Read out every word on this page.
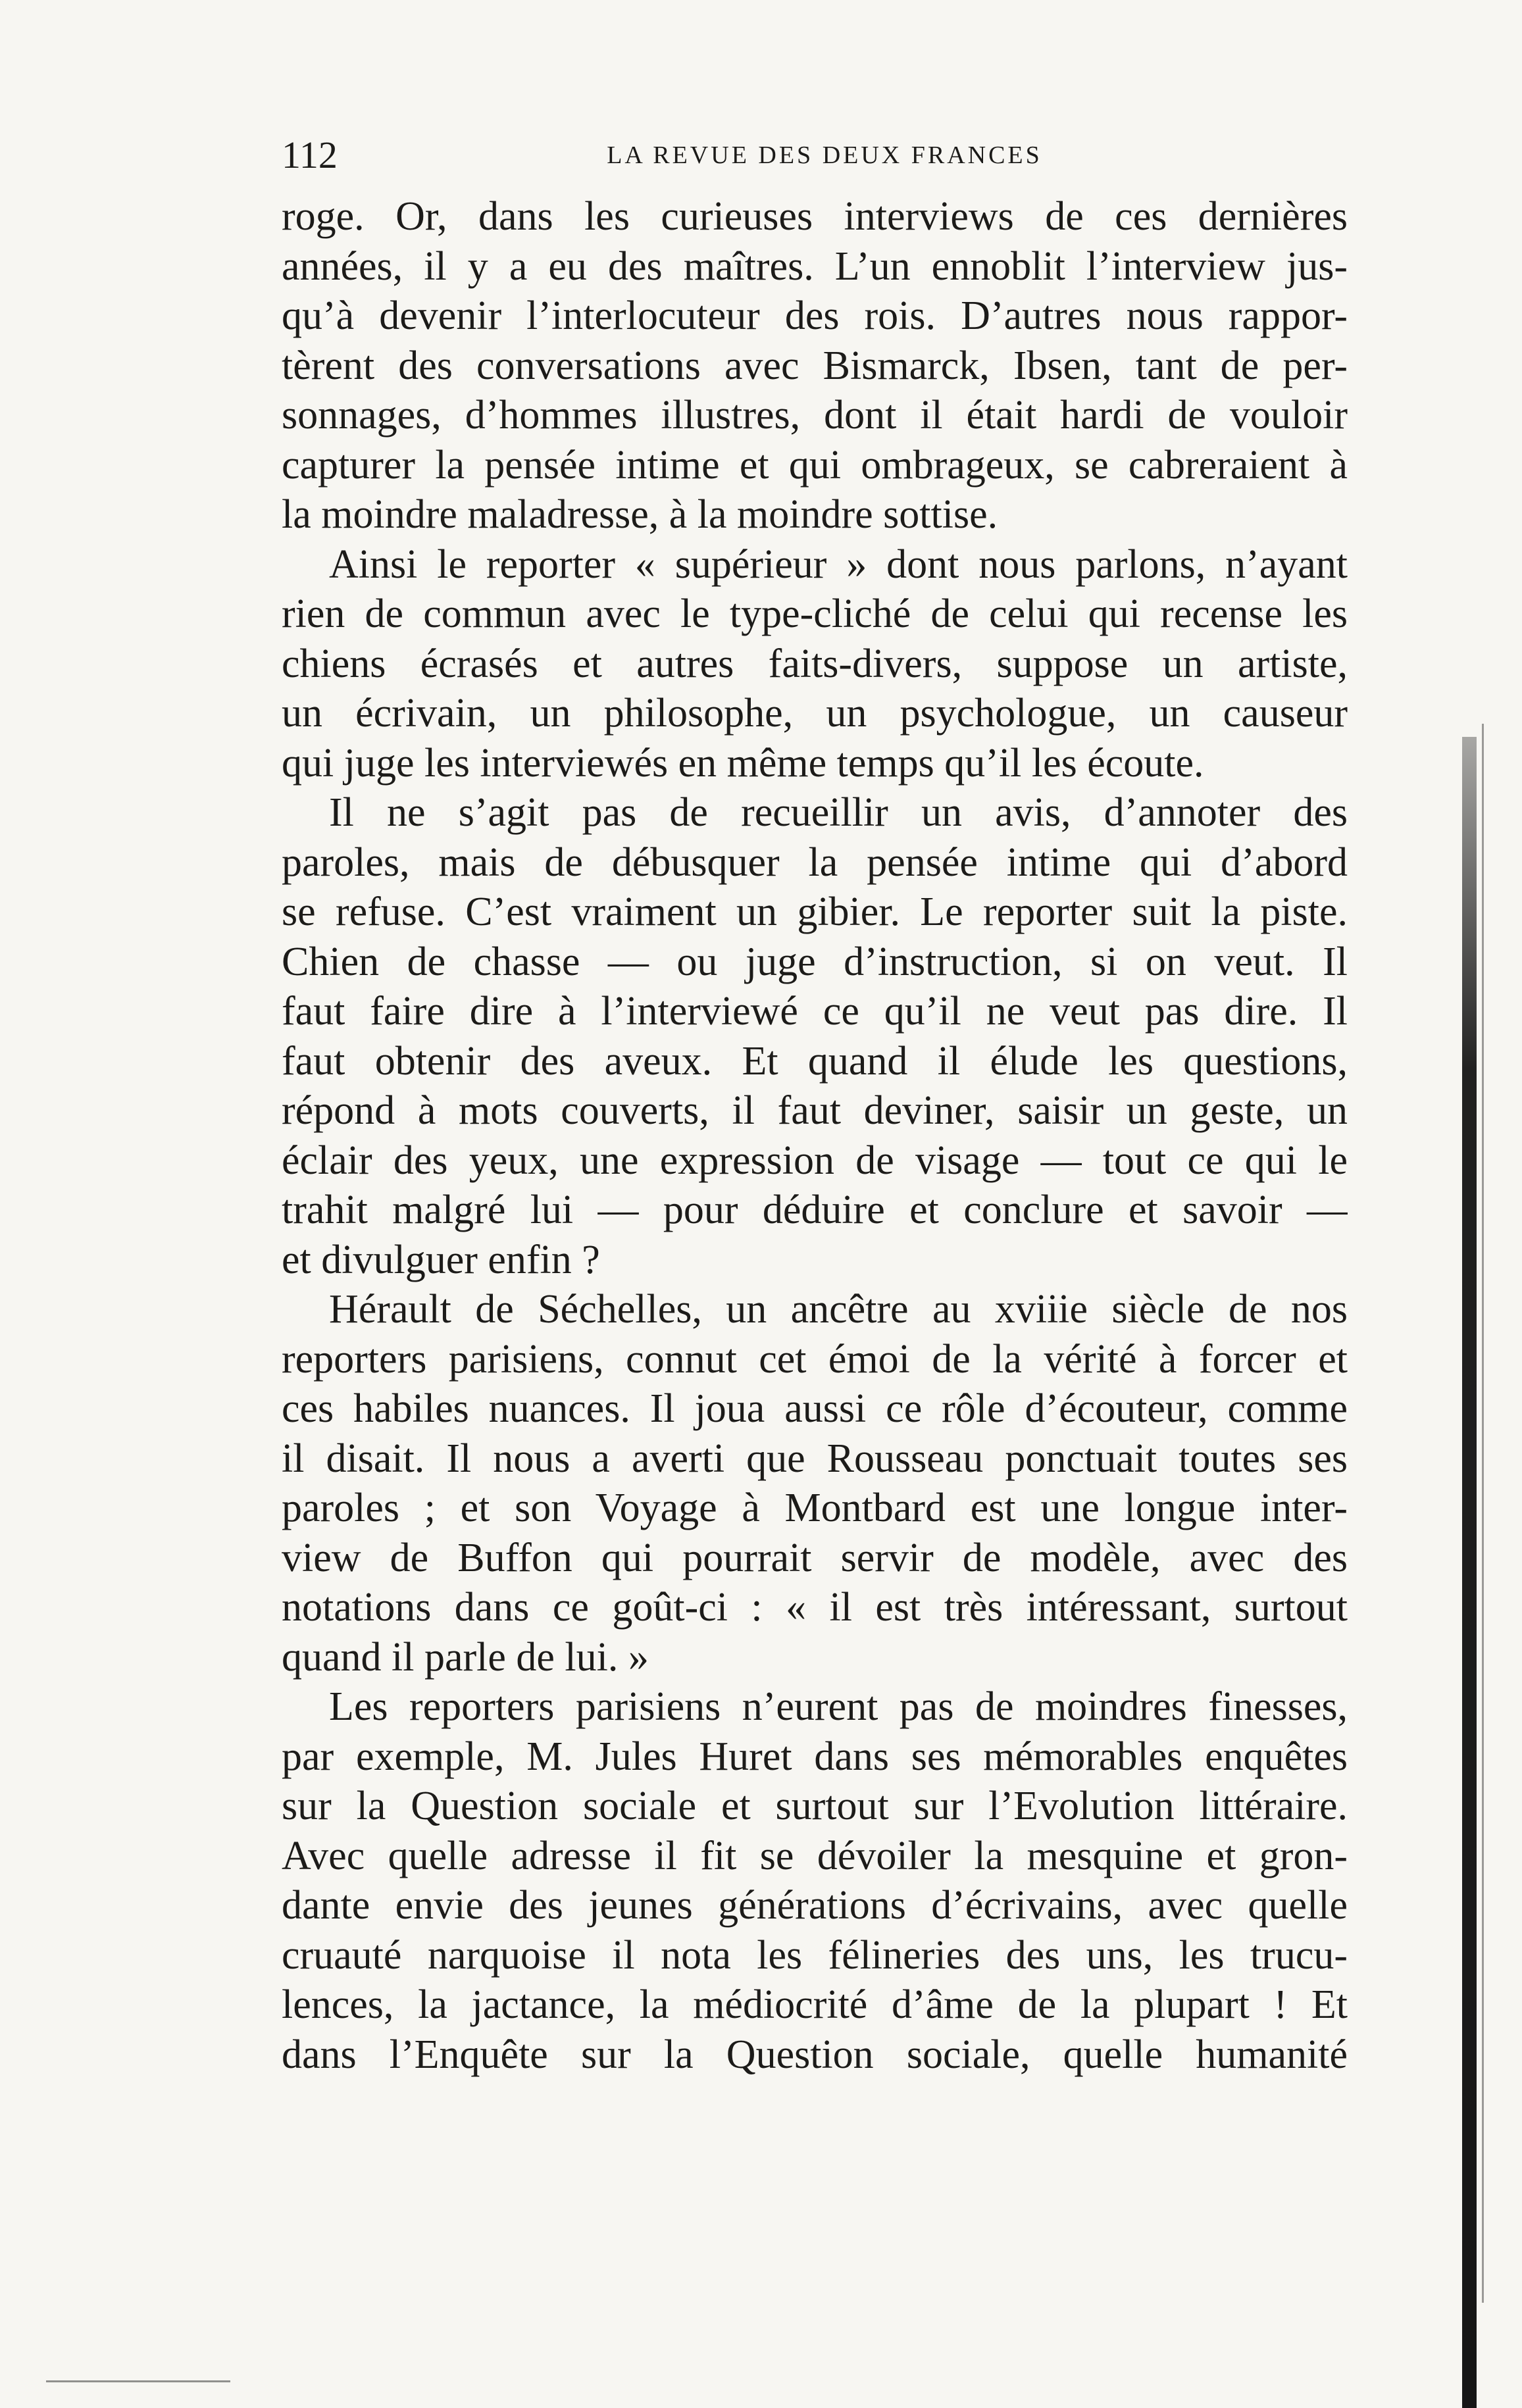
112	LA REVUE DES DEUX FRANCES
roge. Or, dans les curieuses interviews de ces dernières
années, il y a eu des maîtres. L’un ennoblit l’interview jus-
qu’à devenir l’interlocuteur des rois. D’autres nous rappor-
tèrent des conversations avec Bismarck, Ibsen, tant de per-
sonnages, d’hommes illustres, dont il était hardi de vouloir
capturer la pensée intime et qui ombrageux, se cabreraient à
la moindre maladresse, à la moindre sottise.
Ainsi le reporter « supérieur » dont nous parlons, n’ayant
rien de commun avec le type-cliché de celui qui recense les
chiens écrasés et autres faits-divers, suppose un artiste,
un écrivain, un philosophe, un psychologue, un causeur
qui juge les interviewés en même temps qu’il les écoute.
Il ne s’agit pas de recueillir un avis, d’annoter des
paroles, mais de débusquer la pensée intime qui d’abord
se refuse. C’est vraiment un gibier. Le reporter suit la piste.
Chien de chasse — ou juge d’instruction, si on veut. Il
faut faire dire à l’interviewé ce qu’il ne veut pas dire. Il
faut obtenir des aveux. Et quand il élude les questions,
répond à mots couverts, il faut deviner, saisir un geste, un
éclair des yeux, une expression de visage — tout ce qui le
trahit malgré lui — pour déduire et conclure et savoir —
et divulguer enfin ?
Hérault de Séchelles, un ancêtre au xviiie siècle de nos
reporters parisiens, connut cet émoi de la vérité à forcer et
ces habiles nuances. Il joua aussi ce rôle d’écouteur, comme
il disait. Il nous a averti que Rousseau ponctuait toutes ses
paroles ; et son Voyage à Montbard est une longue inter-
view de Buffon qui pourrait servir de modèle, avec des
notations dans ce goût-ci : « il est très intéressant, surtout
quand il parle de lui. »
Les reporters parisiens n’eurent pas de moindres finesses,
par exemple, M. Jules Huret dans ses mémorables enquêtes
sur la Question sociale et surtout sur l’Evolution littéraire.
Avec quelle adresse il fit se dévoiler la mesquine et gron-
dante envie des jeunes générations d’écrivains, avec quelle
cruauté narquoise il nota les félineries des uns, les trucu-
lences, la jactance, la médiocrité d’âme de la plupart ! Et
dans l’Enquête sur la Question sociale, quelle humanité
